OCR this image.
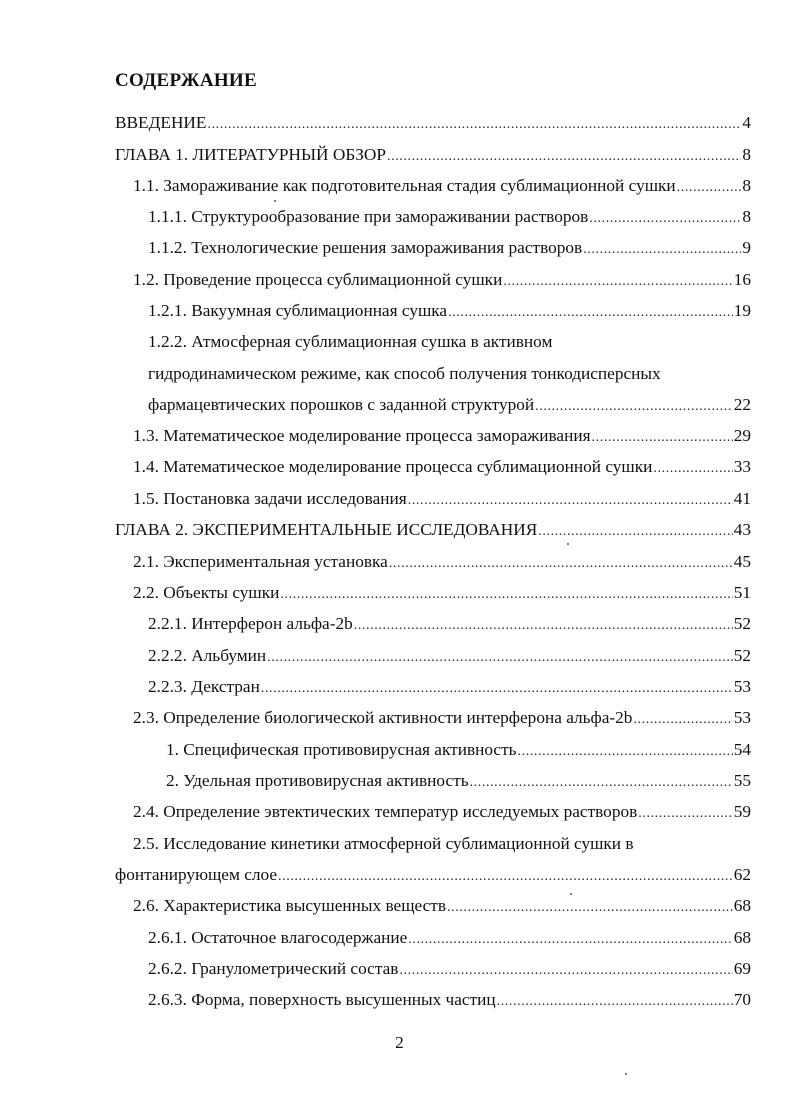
СОДЕРЖАНИЕ
ВВЕДЕНИЕ .....	4
ГЛАВА 1. ЛИТЕРАТУРНЫЙ ОБЗОР .....	8
1.1. Замораживание как подготовительная стадия сублимационной сушки .....	8
1.1.1. Структурообразование при замораживании растворов .....	8
1.1.2. Технологические решения замораживания растворов .....	9
1.2. Проведение процесса сублимационной сушки .....	16
1.2.1. Вакуумная сублимационная сушка .....	19
1.2.2. Атмосферная сублимационная сушка в активном
гидродинамическом режиме, как способ получения тонкодисперсных
фармацевтических порошков с заданной структурой .....	22
1.3. Математическое моделирование процесса замораживания .....	29
1.4. Математическое моделирование процесса сублимационной сушки .....	33
1.5. Постановка задачи исследования .....	41
ГЛАВА 2. ЭКСПЕРИМЕНТАЛЬНЫЕ ИССЛЕДОВАНИЯ .....	43
2.1. Экспериментальная установка .....	45
2.2. Объекты сушки .....	51
2.2.1. Интерферон альфа-2b .....	52
2.2.2. Альбумин .....	52
2.2.3. Декстран .....	53
2.3. Определение биологической активности интерферона альфа-2b .....	53
1. Специфическая противовирусная активность .....	54
2. Удельная противовирусная активность .....	55
2.4. Определение эвтектических температур исследуемых растворов .....	59
2.5. Исследование кинетики атмосферной сублимационной сушки в
фонтанирующем слое .....	62
2.6. Характеристика высушенных веществ .....	68
2.6.1. Остаточное влагосодержание .....	68
2.6.2. Гранулометрический состав .....	69
2.6.3. Форма, поверхность высушенных частиц .....	70
2
